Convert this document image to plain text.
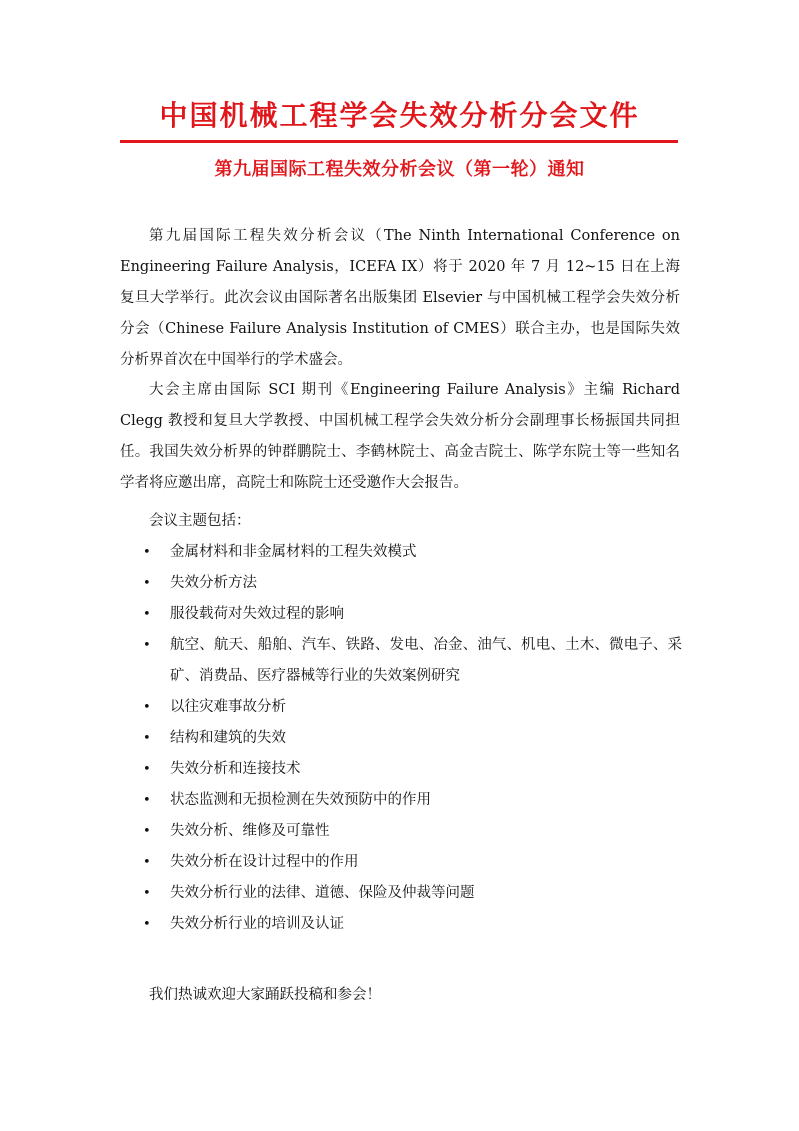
中国机械工程学会失效分析分会文件
第九届国际工程失效分析会议（第一轮）通知

第九届国际工程失效分析会议（The Ninth International Conference on Engineering Failure Analysis，ICEFA IX）将于 2020 年 7 月 12~15 日在上海复旦大学举行。此次会议由国际著名出版集团 Elsevier 与中国机械工程学会失效分析分会（Chinese Failure Analysis Institution of CMES）联合主办，也是国际失效分析界首次在中国举行的学术盛会。

大会主席由国际 SCI 期刊《Engineering Failure Analysis》主编 Richard Clegg 教授和复旦大学教授、中国机械工程学会失效分析分会副理事长杨振国共同担任。我国失效分析界的钟群鹏院士、李鹤林院士、高金吉院士、陈学东院士等一些知名学者将应邀出席，高院士和陈院士还受邀作大会报告。

会议主题包括：

• 金属材料和非金属材料的工程失效模式
• 失效分析方法
• 服役载荷对失效过程的影响
• 航空、航天、船舶、汽车、铁路、发电、冶金、油气、机电、土木、微电子、采矿、消费品、医疗器械等行业的失效案例研究
• 以往灾难事故分析
• 结构和建筑的失效
• 失效分析和连接技术
• 状态监测和无损检测在失效预防中的作用
• 失效分析、维修及可靠性
• 失效分析在设计过程中的作用
• 失效分析行业的法律、道德、保险及仲裁等问题
• 失效分析行业的培训及认证

我们热诚欢迎大家踊跃投稿和参会！
